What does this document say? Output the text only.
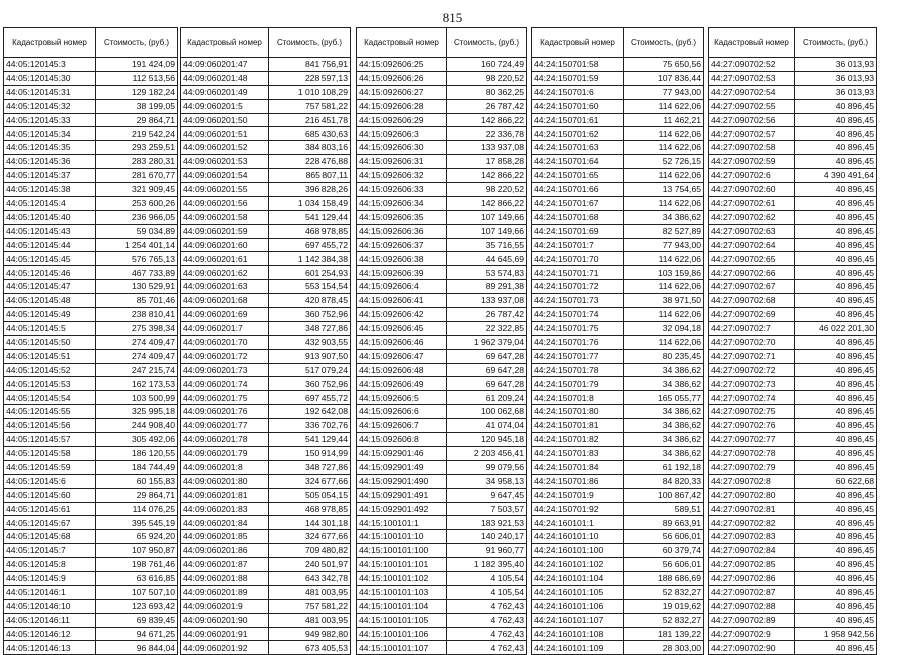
815
Кадастровый номер	Стоимость, (руб.)
44:05:120145:3	191 424,09
44:05:120145:30	112 513,56
44:05:120145:31	129 182,24
44:05:120145:32	38 199,05
44:05:120145:33	29 864,71
44:05:120145:34	219 542,24
44:05:120145:35	293 259,51
44:05:120145:36	283 280,31
44:05:120145:37	281 670,77
44:05:120145:38	321 909,45
44:05:120145:4	253 600,26
44:05:120145:40	236 966,05
44:05:120145:43	59 034,89
44:05:120145:44	1 254 401,14
44:05:120145:45	576 765,13
44:05:120145:46	467 733,89
44:05:120145:47	130 529,91
44:05:120145:48	85 701,46
44:05:120145:49	238 810,41
44:05:120145:5	275 398,34
44:05:120145:50	274 409,47
44:05:120145:51	274 409,47
44:05:120145:52	247 215,74
44:05:120145:53	162 173,53
44:05:120145:54	103 500,99
44:05:120145:55	325 995,18
44:05:120145:56	244 908,40
44:05:120145:57	305 492,06
44:05:120145:58	186 120,55
44:05:120145:59	184 744,49
44:05:120145:6	60 155,83
44:05:120145:60	29 864,71
44:05:120145:61	114 076,25
44:05:120145:67	395 545,19
44:05:120145:68	65 924,20
44:05:120145:7	107 950,87
44:05:120145:8	198 761,46
44:05:120145:9	63 616,85
44:05:120146:1	107 507,10
44:05:120146:10	123 693,42
44:05:120146:11	69 839,45
44:05:120146:12	94 671,25
44:05:120146:13	96 844,04
Кадастровый номер	Стоимость, (руб.)
44:09:060201:47	841 756,91
44:09:060201:48	228 597,13
44:09:060201:49	1 010 108,29
44:09:060201:5	757 581,22
44:09:060201:50	216 451,78
44:09:060201:51	685 430,63
44:09:060201:52	384 803,16
44:09:060201:53	228 476,88
44:09:060201:54	865 807,11
44:09:060201:55	396 828,26
44:09:060201:56	1 034 158,49
44:09:060201:58	541 129,44
44:09:060201:59	468 978,85
44:09:060201:60	697 455,72
44:09:060201:61	1 142 384,38
44:09:060201:62	601 254,93
44:09:060201:63	553 154,54
44:09:060201:68	420 878,45
44:09:060201:69	360 752,96
44:09:060201:7	348 727,86
44:09:060201:70	432 903,55
44:09:060201:72	913 907,50
44:09:060201:73	517 079,24
44:09:060201:74	360 752,96
44:09:060201:75	697 455,72
44:09:060201:76	192 642,08
44:09:060201:77	336 702,76
44:09:060201:78	541 129,44
44:09:060201:79	150 914,99
44:09:060201:8	348 727,86
44:09:060201:80	324 677,66
44:09:060201:81	505 054,15
44:09:060201:83	468 978,85
44:09:060201:84	144 301,18
44:09:060201:85	324 677,66
44:09:060201:86	709 480,82
44:09:060201:87	240 501,97
44:09:060201:88	643 342,78
44:09:060201:89	481 003,95
44:09:060201:9	757 581,22
44:09:060201:90	481 003,95
44:09:060201:91	949 982,80
44:09:060201:92	673 405,53
Кадастровый номер	Стоимость, (руб.)
44:15:092606:25	160 724,49
44:15:092606:26	98 220,52
44:15:092606:27	80 362,25
44:15:092606:28	26 787,42
44:15:092606:29	142 866,22
44:15:092606:3	22 336,78
44:15:092606:30	133 937,08
44:15:092606:31	17 858,28
44:15:092606:32	142 866,22
44:15:092606:33	98 220,52
44:15:092606:34	142 866,22
44:15:092606:35	107 149,66
44:15:092606:36	107 149,66
44:15:092606:37	35 716,55
44:15:092606:38	44 645,69
44:15:092606:39	53 574,83
44:15:092606:4	89 291,38
44:15:092606:41	133 937,08
44:15:092606:42	26 787,42
44:15:092606:45	22 322,85
44:15:092606:46	1 962 379,04
44:15:092606:47	69 647,28
44:15:092606:48	69 647,28
44:15:092606:49	69 647,28
44:15:092606:5	61 209,24
44:15:092606:6	100 062,68
44:15:092606:7	41 074,04
44:15:092606:8	120 945,18
44:15:092901:46	2 203 456,41
44:15:092901:49	99 079,56
44:15:092901:490	34 958,13
44:15:092901:491	9 647,45
44:15:092901:492	7 503,57
44:15:100101:1	183 921,53
44:15:100101:10	140 240,17
44:15:100101:100	91 960,77
44:15:100101:101	1 182 395,40
44:15:100101:102	4 105,54
44:15:100101:103	4 105,54
44:15:100101:104	4 762,43
44:15:100101:105	4 762,43
44:15:100101:106	4 762,43
44:15:100101:107	4 762,43
Кадастровый номер	Стоимость, (руб.)
44:24:150701:58	75 650,56
44:24:150701:59	107 836,44
44:24:150701:6	77 943,00
44:24:150701:60	114 622,06
44:24:150701:61	11 462,21
44:24:150701:62	114 622,06
44:24:150701:63	114 622,06
44:24:150701:64	52 726,15
44:24:150701:65	114 622,06
44:24:150701:66	13 754,65
44:24:150701:67	114 622,06
44:24:150701:68	34 386,62
44:24:150701:69	82 527,89
44:24:150701:7	77 943,00
44:24:150701:70	114 622,06
44:24:150701:71	103 159,86
44:24:150701:72	114 622,06
44:24:150701:73	38 971,50
44:24:150701:74	114 622,06
44:24:150701:75	32 094,18
44:24:150701:76	114 622,06
44:24:150701:77	80 235,45
44:24:150701:78	34 386,62
44:24:150701:79	34 386,62
44:24:150701:8	165 055,77
44:24:150701:80	34 386,62
44:24:150701:81	34 386,62
44:24:150701:82	34 386,62
44:24:150701:83	34 386,62
44:24:150701:84	61 192,18
44:24:150701:86	84 820,33
44:24:150701:9	100 867,42
44:24:150701:92	589,51
44:24:160101:1	89 663,91
44:24:160101:10	56 606,01
44:24:160101:100	60 379,74
44:24:160101:102	56 606,01
44:24:160101:104	188 686,69
44:24:160101:105	52 832,27
44:24:160101:106	19 019,62
44:24:160101:107	52 832,27
44:24:160101:108	181 139,22
44:24:160101:109	28 303,00
Кадастровый номер	Стоимость, (руб.)
44:27:090702:52	36 013,93
44:27:090702:53	36 013,93
44:27:090702:54	36 013,93
44:27:090702:55	40 896,45
44:27:090702:56	40 896,45
44:27:090702:57	40 896,45
44:27:090702:58	40 896,45
44:27:090702:59	40 896,45
44:27:090702:6	4 390 491,64
44:27:090702:60	40 896,45
44:27:090702:61	40 896,45
44:27:090702:62	40 896,45
44:27:090702:63	40 896,45
44:27:090702:64	40 896,45
44:27:090702:65	40 896,45
44:27:090702:66	40 896,45
44:27:090702:67	40 896,45
44:27:090702:68	40 896,45
44:27:090702:69	40 896,45
44:27:090702:7	46 022 201,30
44:27:090702:70	40 896,45
44:27:090702:71	40 896,45
44:27:090702:72	40 896,45
44:27:090702:73	40 896,45
44:27:090702:74	40 896,45
44:27:090702:75	40 896,45
44:27:090702:76	40 896,45
44:27:090702:77	40 896,45
44:27:090702:78	40 896,45
44:27:090702:79	40 896,45
44:27:090702:8	60 622,68
44:27:090702:80	40 896,45
44:27:090702:81	40 896,45
44:27:090702:82	40 896,45
44:27:090702:83	40 896,45
44:27:090702:84	40 896,45
44:27:090702:85	40 896,45
44:27:090702:86	40 896,45
44:27:090702:87	40 896,45
44:27:090702:88	40 896,45
44:27:090702:89	40 896,45
44:27:090702:9	1 958 942,56
44:27:090702:90	40 896,45
